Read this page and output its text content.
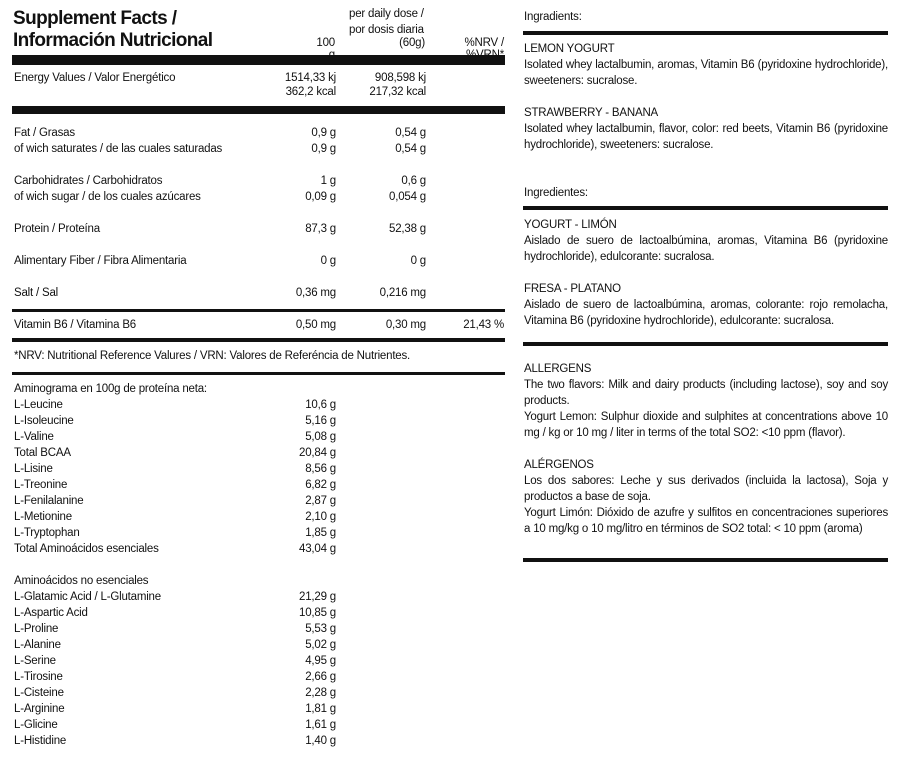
Supplement Facts /
Información Nutricional
per daily dose /
por dosis diaria
100	(60g)	%NRV /
Energy Values / Valor Energético	1514,33 kj	908,598 kj
362,2 kcal	217,32 kcal
Fat / Grasas	0,9 g	0,54 g
of wich saturates / de las cuales saturadas	0,9 g	0,54 g
Carbohidrates / Carbohidratos	1 g	0,6 g
of wich sugar / de los cuales azúcares	0,09 g	0,054 g
Protein / Proteína	87,3 g	52,38 g
Alimentary Fiber / Fibra Alimentaria	0 g	0 g
Salt / Sal	0,36 mg	0,216 mg
Vitamin B6 / Vitamina B6	0,50 mg	0,30 mg	21,43 %
*NRV: Nutritional Reference Valures / VRN: Valores de Referéncia de Nutrientes.
Aminograma en 100g de proteína neta:
L-Leucine	10,6 g
L-Isoleucine	5,16 g
L-Valine	5,08 g
Total BCAA	20,84 g
L-Lisine	8,56 g
L-Treonine	6,82 g
L-Fenilalanine	2,87 g
L-Metionine	2,10 g
L-Tryptophan	1,85 g
Total Aminoácidos esenciales	43,04 g
Aminoácidos no esenciales
L-Glatamic Acid / L-Glutamine	21,29 g
L-Aspartic Acid	10,85 g
L-Proline	5,53 g
L-Alanine	5,02 g
L-Serine	4,95 g
L-Tirosine	2,66 g
L-Cisteine	2,28 g
L-Arginine	1,81 g
L-Glicine	1,61 g
L-Histidine	1,40 g
Ingradients:
LEMON YOGURT
Isolated whey lactalbumin, aromas, Vitamin B6 (pyridoxine hydrochloride), sweeteners: sucralose.
STRAWBERRY - BANANA
Isolated whey lactalbumin, flavor, color: red beets, Vitamin B6 (pyridoxine hydrochloride), sweeteners: sucralose.
Ingredientes:
YOGURT - LIMÓN
Aislado de suero de lactoalbúmina, aromas, Vitamina B6 (pyridoxine hydrochloride), edulcorante: sucralosa.
FRESA - PLATANO
Aislado de suero de lactoalbúmina, aromas, colorante: rojo remolacha, Vitamina B6 (pyridoxine hydrochloride), edulcorante: sucralosa.
ALLERGENS
The two flavors: Milk and dairy products (including lactose), soy and soy products.
Yogurt Lemon: Sulphur dioxide and sulphites at concentrations above 10 mg / kg or 10 mg / liter in terms of the total SO2: <10 ppm (flavor).
ALÉRGENOS
Los dos sabores: Leche y sus derivados (incluida la lactosa), Soja y productos a base de soja.
Yogurt Limón: Dióxido de azufre y sulfitos en concentraciones superiores a 10 mg/kg o 10 mg/litro en términos de SO2 total: < 10 ppm (aroma)
